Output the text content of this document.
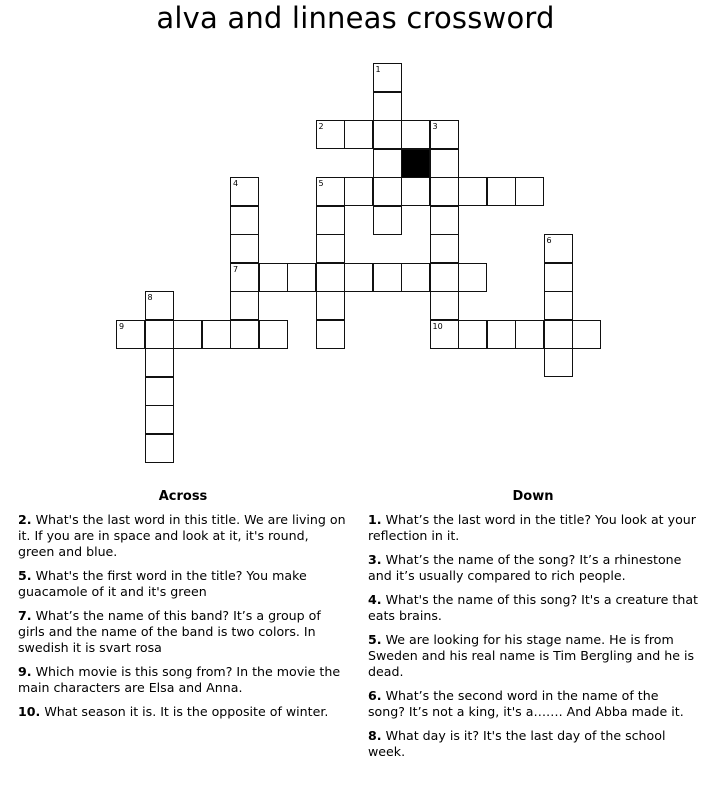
alva and linneas crossword
1
2	3
4	5
6
7
8
9	10
Across
2. What's the last word in this title. We are living on it. If you are in space and look at it, it's round, green and blue.
5. What's the first word in the title? You make guacamole of it and it's green
7. What’s the name of this band? It’s a group of girls and the name of the band is two colors. In swedish it is svart rosa
9. Which movie is this song from? In the movie the main characters are Elsa and Anna.
10. What season it is. It is the opposite of winter.
Down
1. What’s the last word in the title? You look at your reflection in it.
3. What’s the name of the song? It’s a rhinestone and it’s usually compared to rich people.
4. What's the name of this song? It's a creature that eats brains.
5. We are looking for his stage name. He is from Sweden and his real name is Tim Bergling and he is dead.
6. What’s the second word in the name of the song? It’s not a king, it's a……. And Abba made it.
8. What day is it? It's the last day of the school week.
